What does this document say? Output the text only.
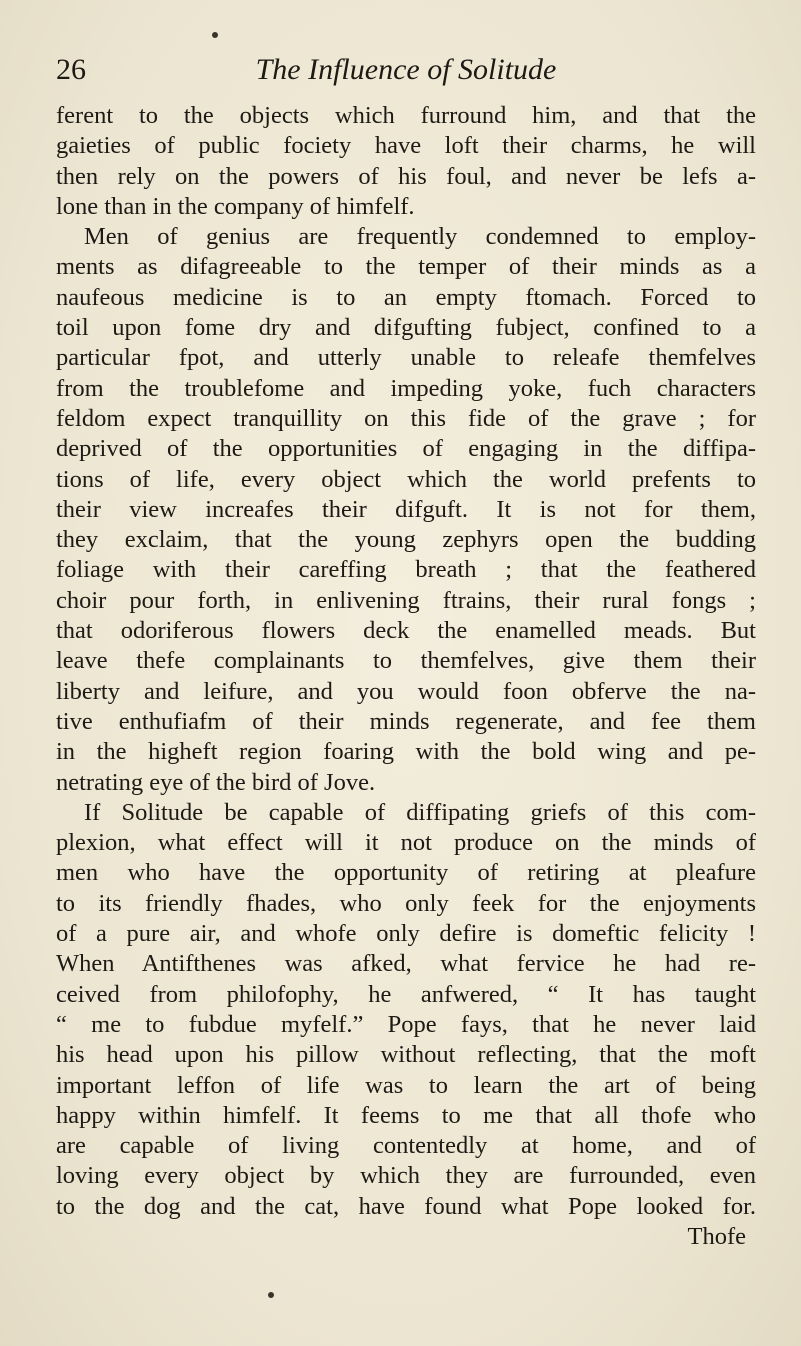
26	The Influence of Solitude
ferent to the objects which furround him, and that the
gaieties of public fociety have loft their charms, he will
then rely on the powers of his foul, and never be lefs a-
lone than in the company of himfelf.
Men of genius are frequently condemned to employ-
ments as difagreeable to the temper of their minds as a
naufeous medicine is to an empty ftomach. Forced to
toil upon fome dry and difgufting fubject, confined to a
particular fpot, and utterly unable to releafe themfelves
from the troublefome and impeding yoke, fuch characters
feldom expect tranquillity on this fide of the grave ; for
deprived of the opportunities of engaging in the diffipa-
tions of life, every object which the world prefents to
their view increafes their difguft. It is not for them,
they exclaim, that the young zephyrs open the budding
foliage with their careffing breath ; that the feathered
choir pour forth, in enlivening ftrains, their rural fongs ;
that odoriferous flowers deck the enamelled meads. But
leave thefe complainants to themfelves, give them their
liberty and leifure, and you would foon obferve the na-
tive enthufiafm of their minds regenerate, and fee them
in the higheft region foaring with the bold wing and pe-
netrating eye of the bird of Jove.
If Solitude be capable of diffipating griefs of this com-
plexion, what effect will it not produce on the minds of
men who have the opportunity of retiring at pleafure
to its friendly fhades, who only feek for the enjoyments
of a pure air, and whofe only defire is domeftic felicity !
When Antifthenes was afked, what fervice he had re-
ceived from philofophy, he anfwered, “ It has taught
“ me to fubdue myfelf.” Pope fays, that he never laid
his head upon his pillow without reflecting, that the moft
important leffon of life was to learn the art of being
happy within himfelf. It feems to me that all thofe who
are capable of living contentedly at home, and of
loving every object by which they are furrounded, even
to the dog and the cat, have found what Pope looked for.
Thofe
